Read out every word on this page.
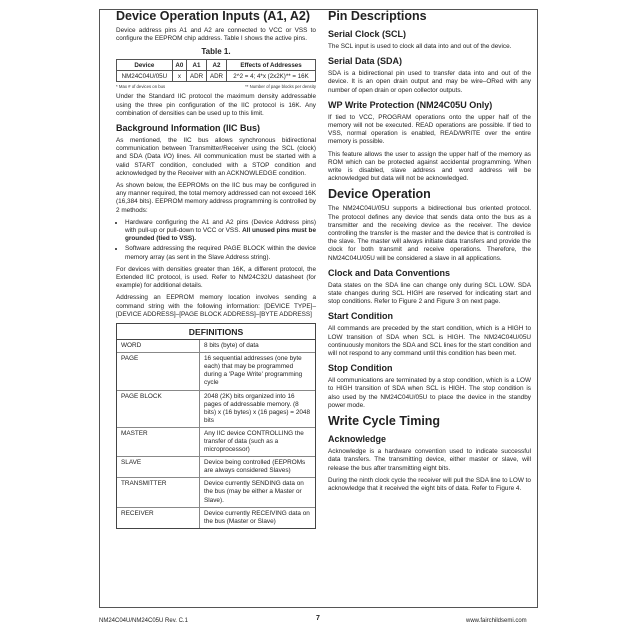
Device Operation Inputs (A1, A2)

Device address pins A1 and A2 are connected to VCC or VSS to configure the EEPROM chip address. Table I shows the active pins.

Table 1.
Device	A0	A1	A2	Effects of Addresses
NM24C04U/05U	x	ADR	ADR	2^2 = 4; 4*x (2x2K)** = 16K
* Max # of devices on bus	** Number of page blocks per density

Under the Standard IIC protocol the maximum density addressable using the three pin configuration of the IIC protocol is 16K. Any combination of densities can be used up to this limit.

Background Information (IIC Bus)

As mentioned, the IIC bus allows synchronous bidirectional communication between Transmitter/Receiver using the SCL (clock) and SDA (Data I/O) lines. All communication must be started with a valid START condition, concluded with a STOP condition and acknowledged by the Receiver with an ACKNOWLEDGE condition.

As shown below, the EEPROMs on the IIC bus may be configured in any manner required, the total memory addressed can not exceed 16K (16,384 bits). EEPROM memory address programming is controlled by 2 methods:

• Hardware configuring the A1 and A2 pins (Device Address pins) with pull-up or pull-down to VCC or VSS. All unused pins must be grounded (tied to VSS).
• Software addressing the required PAGE BLOCK within the device memory array (as sent in the Slave Address string).

For devices with densities greater than 16K, a different protocol, the Extended IIC protocol, is used. Refer to NM24C32U datasheet (for example) for additional details.

Addressing an EEPROM memory location involves sending a command string with the following information: [DEVICE TYPE]–[DEVICE ADDRESS]–[PAGE BLOCK ADDRESS]–[BYTE ADDRESS]

DEFINITIONS
WORD	8 bits (byte) of data
PAGE	16 sequential addresses (one byte each) that may be programmed during a 'Page Write' programming cycle
PAGE BLOCK	2048 (2K) bits organized into 16 pages of addressable memory. (8 bits) x (16 bytes) x (16 pages) = 2048 bits
MASTER	Any IIC device CONTROLLING the transfer of data (such as a microprocessor)
SLAVE	Device being controlled (EEPROMs are always considered Slaves)
TRANSMITTER	Device currently SENDING data on the bus (may be either a Master or Slave).
RECEIVER	Device currently RECEIVING data on the bus (Master or Slave)
Pin Descriptions
Serial Clock (SCL)

The SCL input is used to clock all data into and out of the device.

Serial Data (SDA)

SDA is a bidirectional pin used to transfer data into and out of the device. It is an open drain output and may be wire–ORed with any number of open drain or open collector outputs.

WP Write Protection (NM24C05U Only)

If tied to VCC, PROGRAM operations onto the upper half of the memory will not be executed. READ operations are possible. If tied to VSS, normal operation is enabled, READ/WRITE over the entire memory is possible.

This feature allows the user to assign the upper half of the memory as ROM which can be protected against accidental programming. When write is disabled, slave address and word address will be acknowledged but data will not be acknowledged.

Device Operation

The NM24C04U/05U supports a bidirectional bus oriented protocol. The protocol defines any device that sends data onto the bus as a transmitter and the receiving device as the receiver. The device controlling the transfer is the master and the device that is controlled is the slave. The master will always initiate data transfers and provide the clock for both transmit and receive operations. Therefore, the NM24C04U/05U will be considered a slave in all applications.

Clock and Data Conventions

Data states on the SDA line can change only during SCL LOW. SDA state changes during SCL HIGH are reserved for indicating start and stop conditions. Refer to Figure 2 and Figure 3 on next page.

Start Condition

All commands are preceded by the start condition, which is a HIGH to LOW transition of SDA when SCL is HIGH. The NM24C04U/05U continuously monitors the SDA and SCL lines for the start condition and will not respond to any command until this condition has been met.

Stop Condition

All communications are terminated by a stop condition, which is a LOW to HIGH transition of SDA when SCL is HIGH. The stop condition is also used by the NM24C04U/05U to place the device in the standby power mode.

Write Cycle Timing
Acknowledge

Acknowledge is a hardware convention used to indicate successful data transfers. The transmitting device, either master or slave, will release the bus after transmitting eight bits.

During the ninth clock cycle the receiver will pull the SDA line to LOW to acknowledge that it received the eight bits of data. Refer to Figure 4.

NM24C04U/NM24C05U Rev. C.1	7	www.fairchildsemi.com
